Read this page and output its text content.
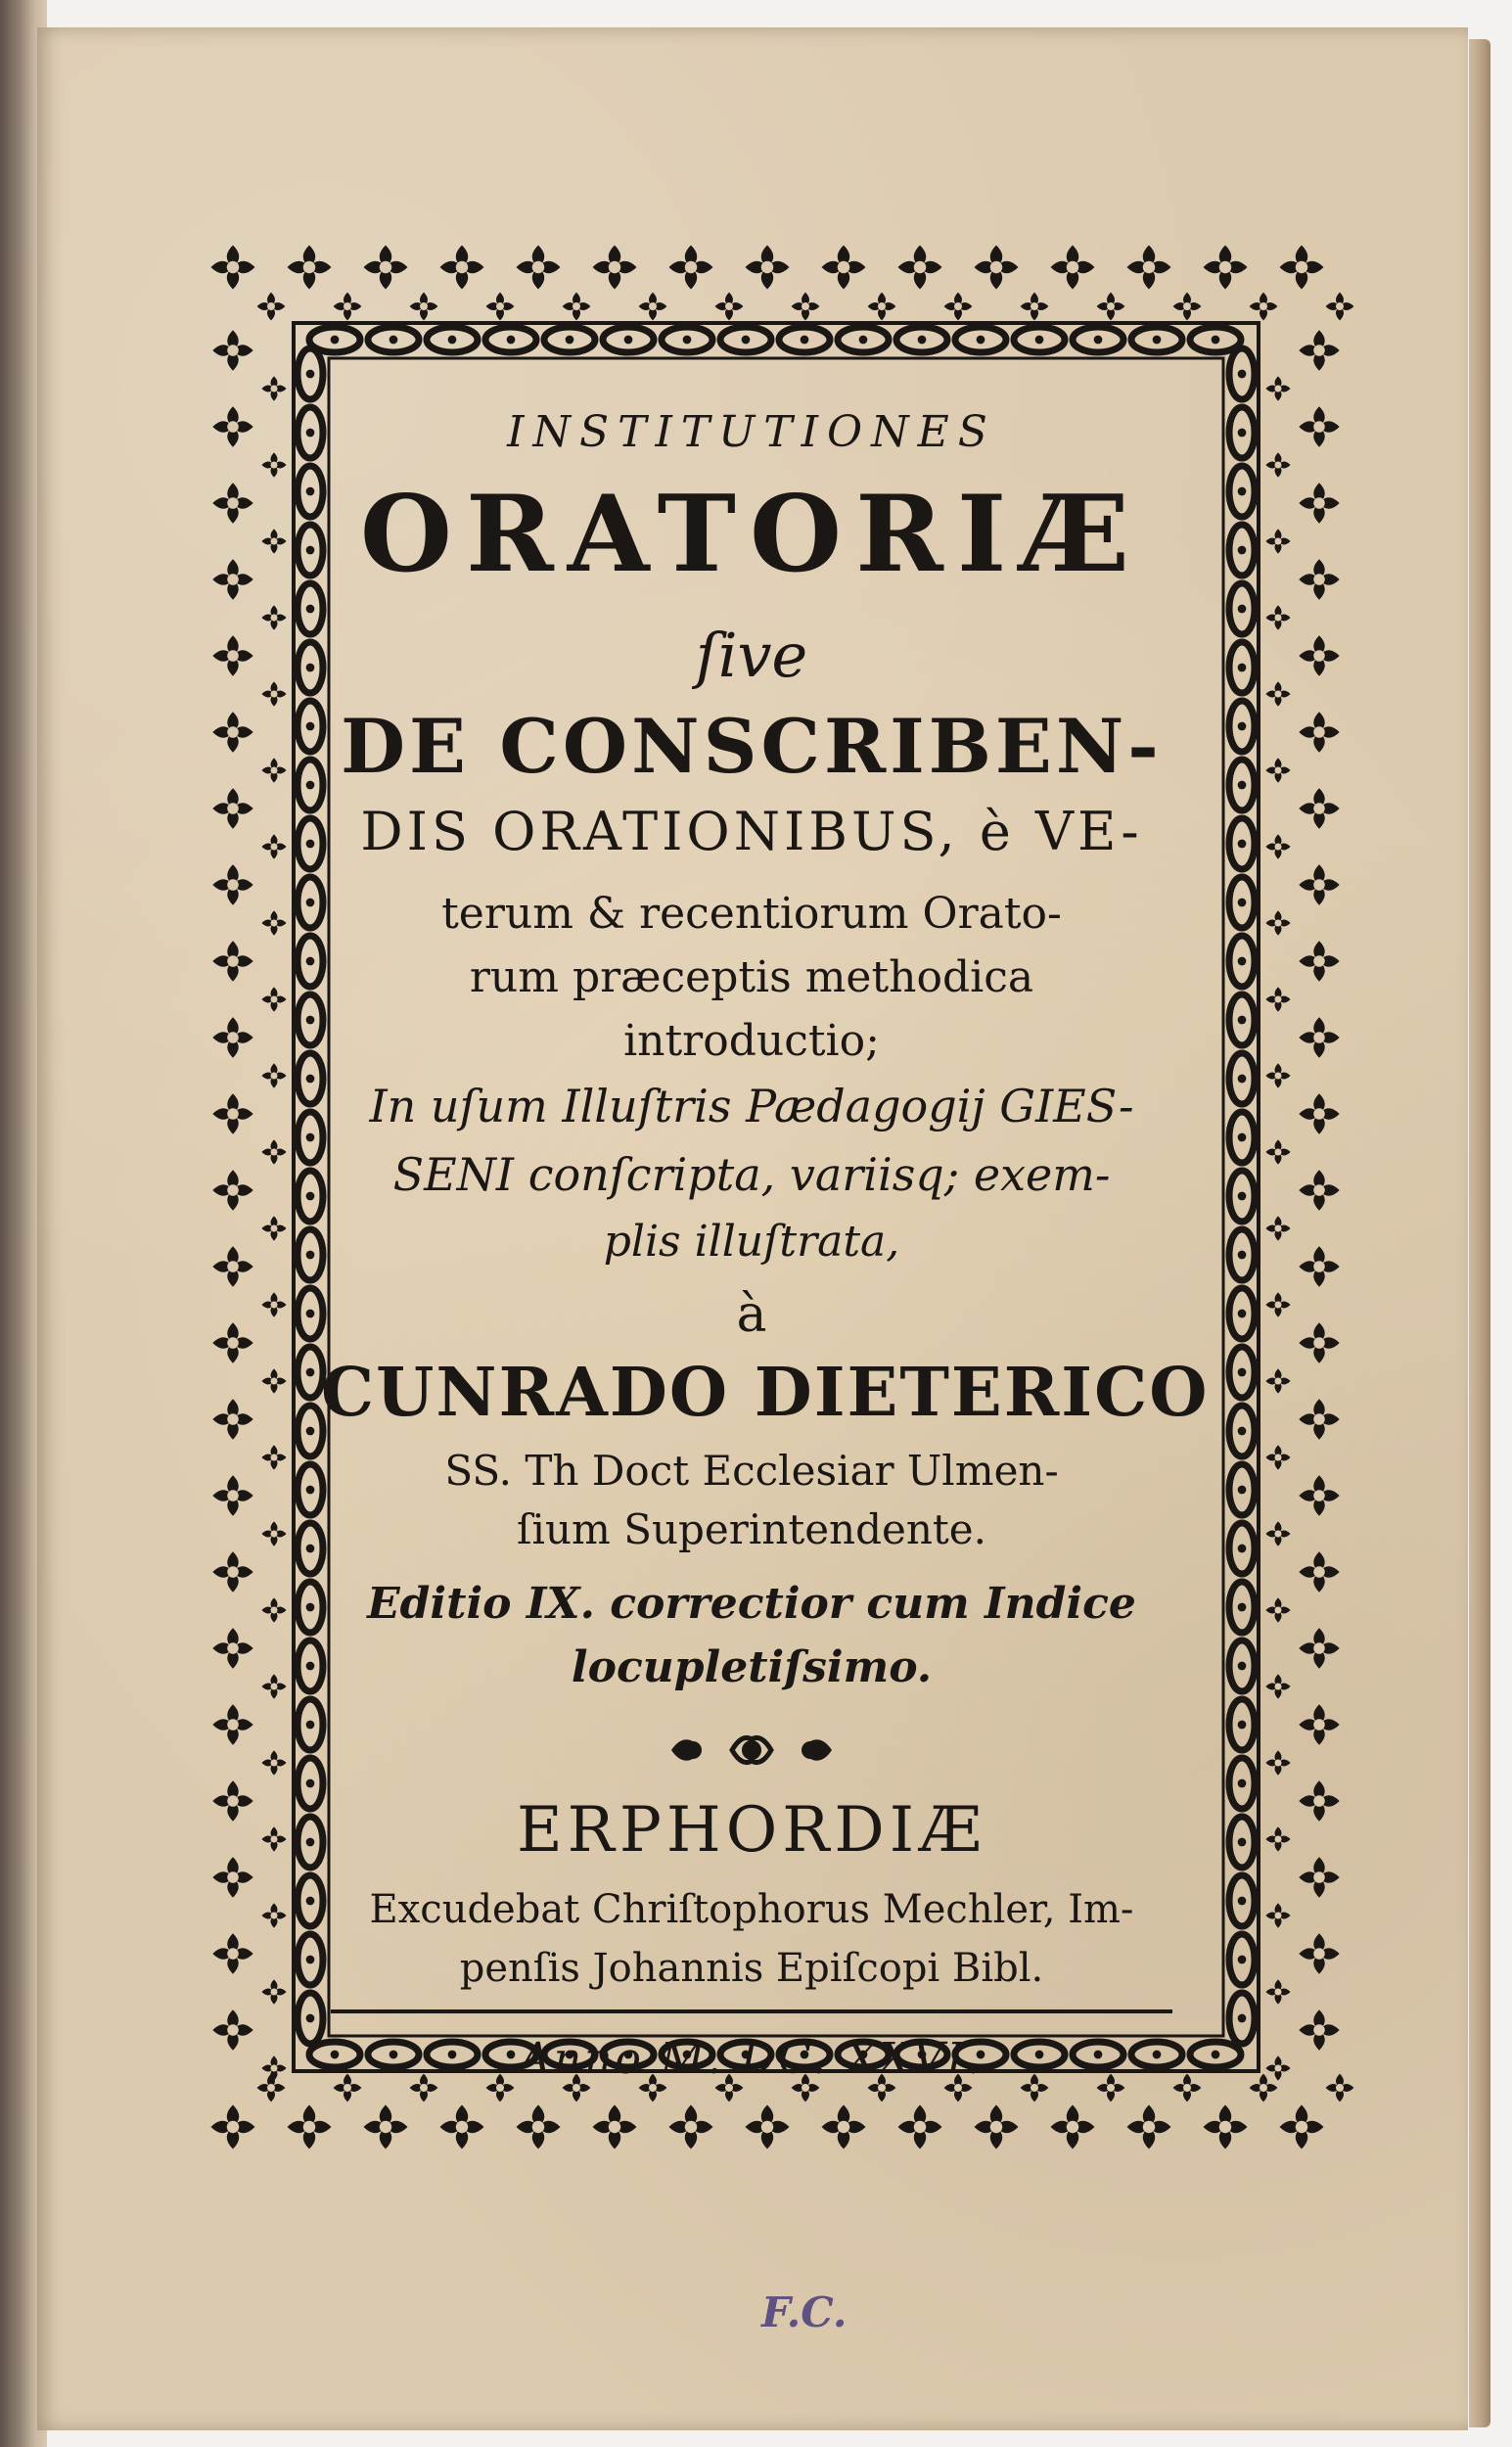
INSTITUTIONES
ORATORIÆ
ſive
DE CONSCRIBEN-
DIS ORATIONIBUS, è VE-
terum & recentiorum Orato-
rum præceptis methodica
introductio;
In uſum Illuſtris Pædagogij GIES-
SENI conſcripta, variisq; exem-
plis illuſtrata,
à
CUNRADO DIETERICO
SS. Th Doct Ecclesiar Ulmen-
ſium Superintendente.
Editio IX. correctior cum Indice
locupletiſsimo.
ERPHORDIÆ
Excudebat Chriſtophorus Mechler, Im-
penſis Johannis Epiſcopi Bibl.
Anno M. DC. XXVI.
F.C.
